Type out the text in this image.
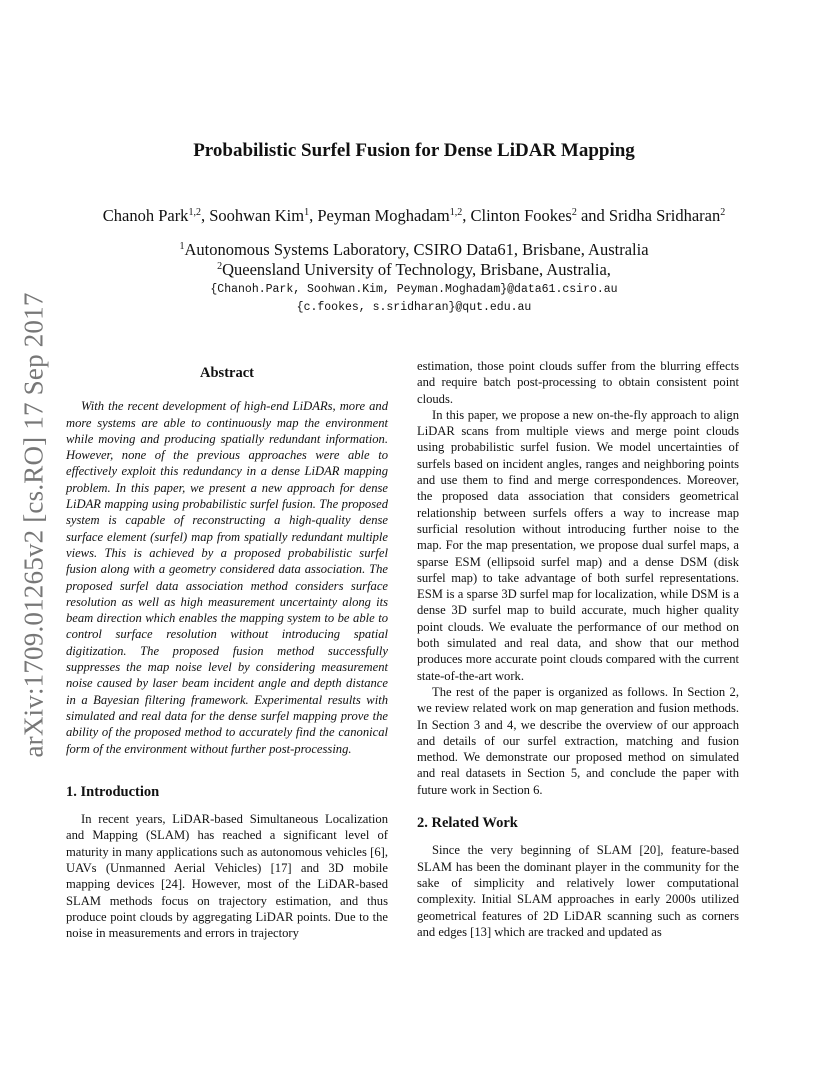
arXiv:1709.01265v2 [cs.RO] 17 Sep 2017
Probabilistic Surfel Fusion for Dense LiDAR Mapping
Chanoh Park$^{1,2}$, Soohwan Kim$^1$, Peyman Moghadam$^{1,2}$, Clinton Fookes$^2$ and Sridha Sridharan$^2$
$^1$Autonomous Systems Laboratory, CSIRO Data61, Brisbane, Australia
$^2$Queensland University of Technology, Brisbane, Australia,
{Chanoh.Park, Soohwan.Kim, Peyman.Moghadam}@data61.csiro.au
{c.fookes, s.sridharan}@qut.edu.au
Abstract

With the recent development of high-end LiDARs, more and more systems are able to continuously map the environment while moving and producing spatially redundant information. However, none of the previous approaches were able to effectively exploit this redundancy in a dense LiDAR mapping problem. In this paper, we present a new approach for dense LiDAR mapping using probabilistic surfel fusion. The proposed system is capable of reconstructing a high-quality dense surface element (surfel) map from spatially redundant multiple views. This is achieved by a proposed probabilistic surfel fusion along with a geometry considered data association. The proposed surfel data association method considers surface resolution as well as high measurement uncertainty along its beam direction which enables the mapping system to be able to control surface resolution without introducing spatial digitization. The proposed fusion method successfully suppresses the map noise level by considering measurement noise caused by laser beam incident angle and depth distance in a Bayesian filtering framework. Experimental results with simulated and real data for the dense surfel mapping prove the ability of the proposed method to accurately find the canonical form of the environment without further post-processing.

1. Introduction

In recent years, LiDAR-based Simultaneous Localization and Mapping (SLAM) has reached a significant level of maturity in many applications such as autonomous vehicles [6], UAVs (Unmanned Aerial Vehicles) [17] and 3D mobile mapping devices [24]. However, most of the LiDAR-based SLAM methods focus on trajectory estimation, and thus produce point clouds by aggregating LiDAR points. Due to the noise in measurements and errors in trajectory

estimation, those point clouds suffer from the blurring effects and require batch post-processing to obtain consistent point clouds.

In this paper, we propose a new on-the-fly approach to align LiDAR scans from multiple views and merge point clouds using probabilistic surfel fusion. We model uncertainties of surfels based on incident angles, ranges and neighboring points and use them to find and merge correspondences. Moreover, the proposed data association that considers geometrical relationship between surfels offers a way to increase map surficial resolution without introducing further noise to the map. For the map presentation, we propose dual surfel maps, a sparse ESM (ellipsoid surfel map) and a dense DSM (disk surfel map) to take advantage of both surfel representations. ESM is a sparse 3D surfel map for localization, while DSM is a dense 3D surfel map to build accurate, much higher quality point clouds. We evaluate the performance of our method on both simulated and real data, and show that our method produces more accurate point clouds compared with the current state-of-the-art work.

The rest of the paper is organized as follows. In Section 2, we review related work on map generation and fusion methods. In Section 3 and 4, we describe the overview of our approach and details of our surfel extraction, matching and fusion method. We demonstrate our proposed method on simulated and real datasets in Section 5, and conclude the paper with future work in Section 6.

2. Related Work

Since the very beginning of SLAM [20], feature-based SLAM has been the dominant player in the community for the sake of simplicity and relatively lower computational complexity. Initial SLAM approaches in early 2000s utilized geometrical features of 2D LiDAR scanning such as corners and edges [13] which are tracked and updated as
